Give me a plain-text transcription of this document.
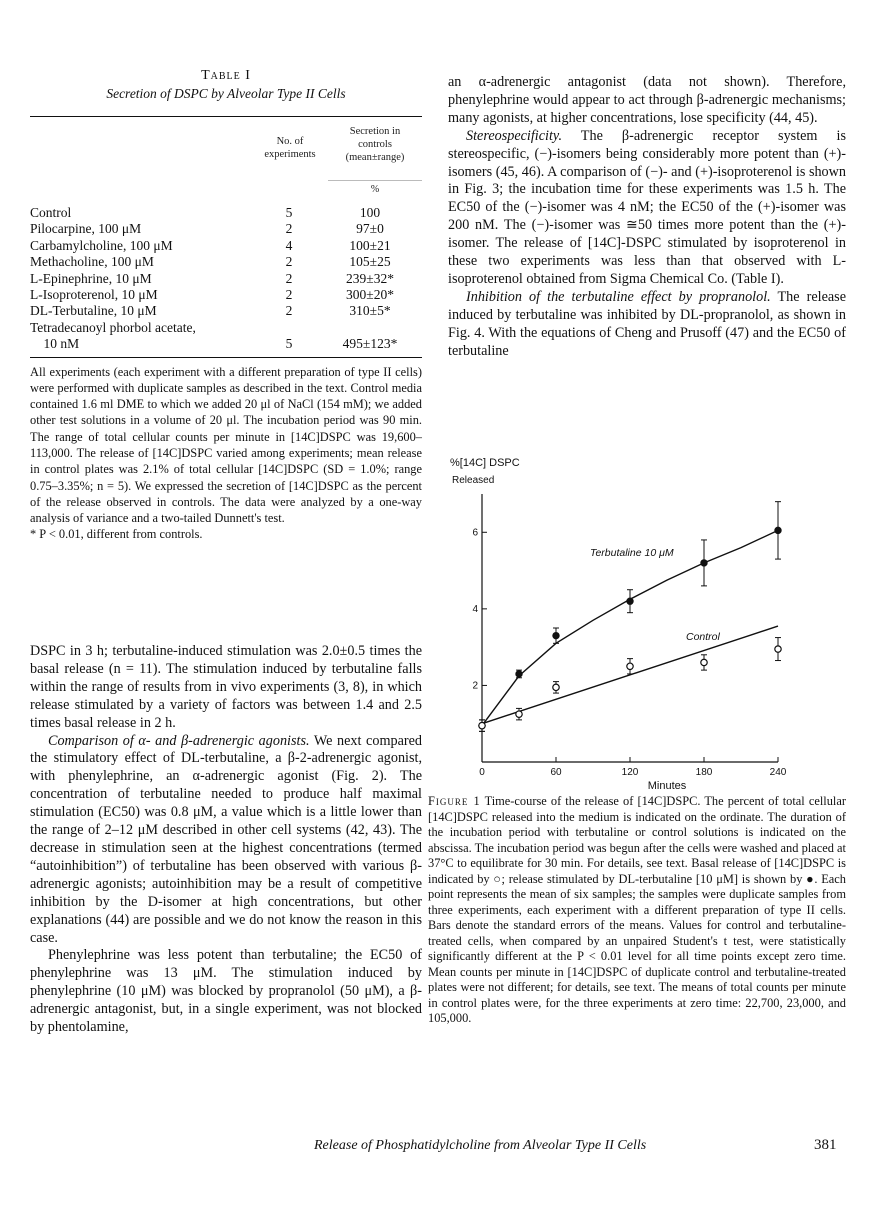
Table I
Secretion of DSPC by Alveolar Type II Cells
No. of
experiments
Secretion in
controls
(mean±range)
%
Control	5	100
Pilocarpine, 100 μM	2	97±0
Carbamylcholine, 100 μM	4	100±21
Methacholine, 100 μM	2	105±25
L-Epinephrine, 10 μM	2	239±32*
L-Isoproterenol, 10 μM	2	300±20*
DL-Terbutaline, 10 μM	2	310±5*
Tetradecanoyl phorbol acetate,		
10 nM	5	495±123*

All experiments (each experiment with a different preparation of type II cells) were performed with duplicate samples as described in the text. Control media contained 1.6 ml DME to which we added 20 μl of NaCl (154 mM); we added other test solutions in a volume of 20 μl. The incubation period was 90 min. The range of total cellular counts per minute in [14C]DSPC was 19,600–113,000. The release of [14C]DSPC varied among experiments; mean release in control plates was 2.1% of total cellular [14C]DSPC (SD = 1.0%; range 0.75–3.35%; n = 5). We expressed the secretion of [14C]DSPC as the percent of the release observed in controls. The data were analyzed by a one-way analysis of variance and a two-tailed Dunnett's test.

* P < 0.01, different from controls.

DSPC in 3 h; terbutaline-induced stimulation was 2.0±0.5 times the basal release (n = 11). The stimulation induced by terbutaline falls within the range of results from in vivo experiments (3, 8), in which release stimulated by a variety of factors was between 1.4 and 2.5 times basal release in 2 h.

Comparison of α- and β-adrenergic agonists. We next compared the stimulatory effect of DL-terbutaline, a β-2-adrenergic agonist, with phenylephrine, an α-adrenergic agonist (Fig. 2). The concentration of terbutaline needed to produce half maximal stimulation (EC50) was 0.8 μM, a value which is a little lower than the range of 2–12 μM described in other cell systems (42, 43). The decrease in stimulation seen at the highest concentrations (termed “autoinhibition”) of terbutaline has been observed with various β-adrenergic agonists; autoinhibition may be a result of competitive inhibition by the D-isomer at high concentrations, but other explanations (44) are possible and we do not know the reason in this case.

Phenylephrine was less potent than terbutaline; the EC50 of phenylephrine was 13 μM. The stimulation induced by phenylephrine (10 μM) was blocked by propranolol (50 μM), a β-adrenergic antagonist, but, in a single experiment, was not blocked by phentolamine,

an α-adrenergic antagonist (data not shown). Therefore, phenylephrine would appear to act through β-adrenergic mechanisms; many agonists, at higher concentrations, lose specificity (44, 45).

Stereospecificity. The β-adrenergic receptor system is stereospecific, (−)-isomers being considerably more potent than (+)-isomers (45, 46). A comparison of (−)- and (+)-isoproterenol is shown in Fig. 3; the incubation time for these experiments was 1.5 h. The EC50 of the (−)-isomer was 4 nM; the EC50 of the (+)-isomer was 200 nM. The (−)-isomer was ≅50 times more potent than the (+)-isomer. The release of [14C]-DSPC stimulated by isoproterenol in these two experiments was less than that observed with L-isoproterenol obtained from Sigma Chemical Co. (Table I).

Inhibition of the terbutaline effect by propranolol. The release induced by terbutaline was inhibited by DL-propranolol, as shown in Fig. 4. With the equations of Cheng and Prusoff (47) and the EC50 of terbutaline

%[14C] DSPC
Released
2
4
6
0	60	120	180	240
Minutes
Terbutaline 10 μM
Control

Figure 1 Time-course of the release of [14C]DSPC. The percent of total cellular [14C]DSPC released into the medium is indicated on the ordinate. The duration of the incubation period with terbutaline or control solutions is indicated on the abscissa. The incubation period was begun after the cells were washed and placed at 37°C to equilibrate for 30 min. For details, see text. Basal release of [14C]DSPC is indicated by ○; release stimulated by DL-terbutaline [10 μM] is shown by ●. Each point represents the mean of six samples; the samples were duplicate samples from three experiments, each experiment with a different preparation of type II cells. Bars denote the standard errors of the means. Values for control and terbutaline-treated cells, when compared by an unpaired Student's t test, were statistically significantly different at the P < 0.01 level for all time points except zero time. Mean counts per minute in [14C]DSPC of duplicate control and terbutaline-treated plates were not different; for details, see text. The means of total counts per minute in control plates were, for the three experiments at zero time: 22,700, 23,000, and 105,000.

Release of Phosphatidylcholine from Alveolar Type II Cells	381
